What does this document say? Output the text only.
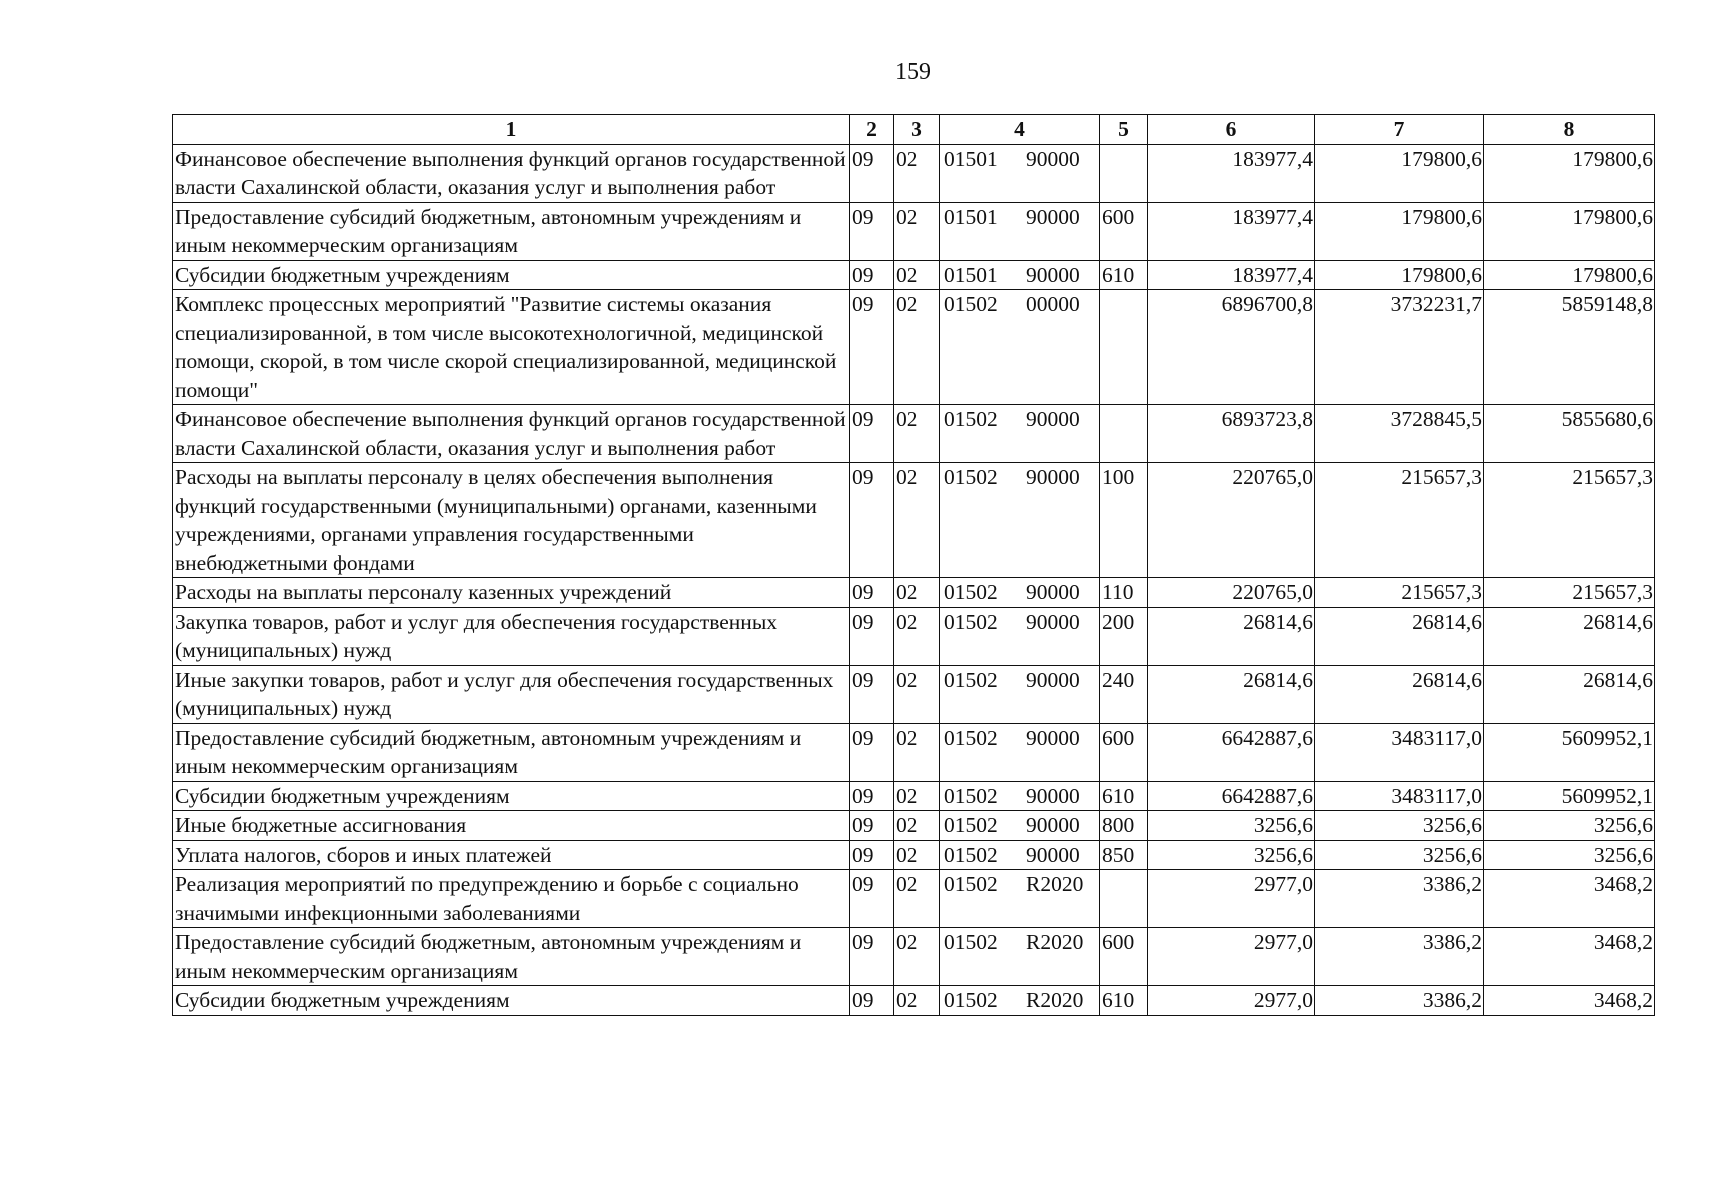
159
1	2	3	4	5	6	7	8
Финансовое обеспечение выполнения функций органов государственной власти Сахалинской области, оказания услуг и выполнения работ	09	02	01501 90000		183977,4	179800,6	179800,6
Предоставление субсидий бюджетным, автономным учреждениям и иным некоммерческим организациям	09	02	01501 90000	600	183977,4	179800,6	179800,6
Субсидии бюджетным учреждениям	09	02	01501 90000	610	183977,4	179800,6	179800,6
Комплекс процессных мероприятий "Развитие системы оказания специализированной, в том числе высокотехнологичной, медицинской помощи, скорой, в том числе скорой специализированной, медицинской помощи"	09	02	01502 00000		6896700,8	3732231,7	5859148,8
Финансовое обеспечение выполнения функций органов государственной власти Сахалинской области, оказания услуг и выполнения работ	09	02	01502 90000		6893723,8	3728845,5	5855680,6
Расходы на выплаты персоналу в целях обеспечения выполнения функций государственными (муниципальными) органами, казенными учреждениями, органами управления государственными внебюджетными фондами	09	02	01502 90000	100	220765,0	215657,3	215657,3
Расходы на выплаты персоналу казенных учреждений	09	02	01502 90000	110	220765,0	215657,3	215657,3
Закупка товаров, работ и услуг для обеспечения государственных (муниципальных) нужд	09	02	01502 90000	200	26814,6	26814,6	26814,6
Иные закупки товаров, работ и услуг для обеспечения государственных (муниципальных) нужд	09	02	01502 90000	240	26814,6	26814,6	26814,6
Предоставление субсидий бюджетным, автономным учреждениям и иным некоммерческим организациям	09	02	01502 90000	600	6642887,6	3483117,0	5609952,1
Субсидии бюджетным учреждениям	09	02	01502 90000	610	6642887,6	3483117,0	5609952,1
Иные бюджетные ассигнования	09	02	01502 90000	800	3256,6	3256,6	3256,6
Уплата налогов, сборов и иных платежей	09	02	01502 90000	850	3256,6	3256,6	3256,6
Реализация мероприятий по предупреждению и борьбе с социально значимыми инфекционными заболеваниями	09	02	01502 R2020		2977,0	3386,2	3468,2
Предоставление субсидий бюджетным, автономным учреждениям и иным некоммерческим организациям	09	02	01502 R2020	600	2977,0	3386,2	3468,2
Субсидии бюджетным учреждениям	09	02	01502 R2020	610	2977,0	3386,2	3468,2
